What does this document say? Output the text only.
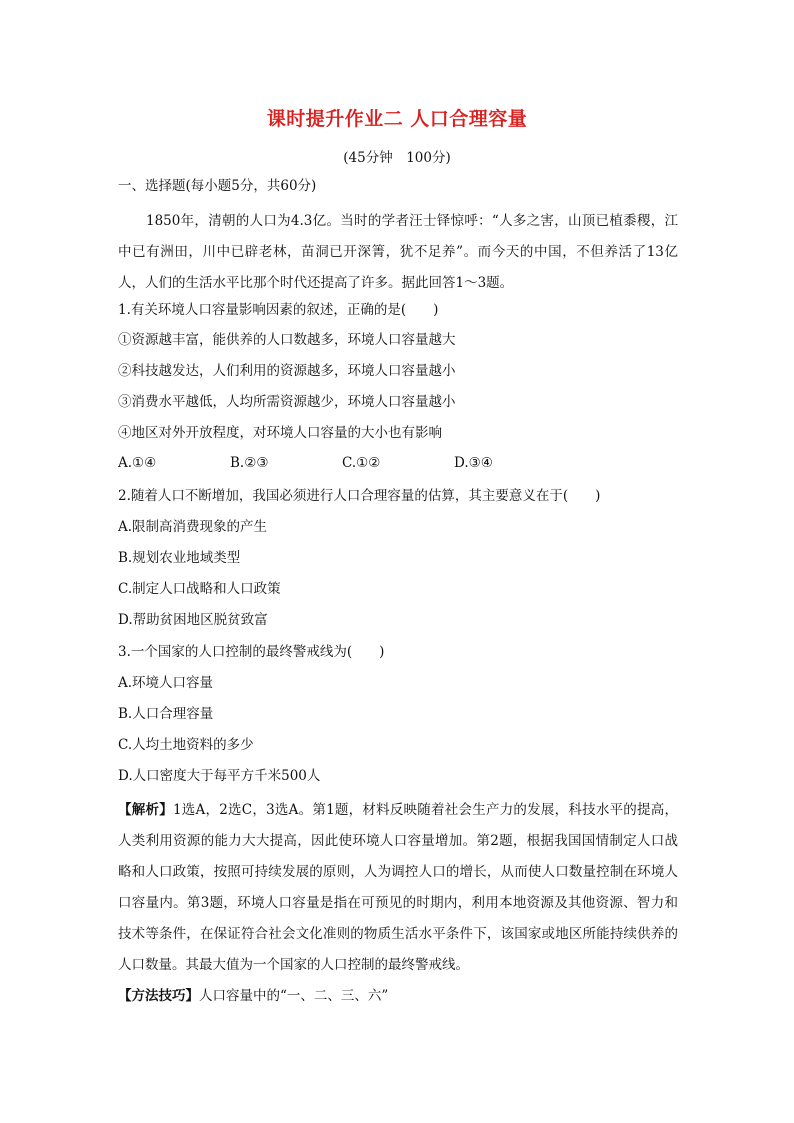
课时提升作业二 人口合理容量
(45分钟　100分)
一、选择题(每小题5分，共60分)
1850年，清朝的人口为4.3亿。当时的学者汪士铎惊呼：“人多之害，山顶已植黍稷，江中已有洲田，川中已辟老林，苗洞已开深箐，犹不足养”。而今天的中国，不但养活了13亿人，人们的生活水平比那个时代还提高了许多。据此回答1～3题。
1.有关环境人口容量影响因素的叙述，正确的是(　　)
①资源越丰富，能供养的人口数越多，环境人口容量越大
②科技越发达，人们利用的资源越多，环境人口容量越小
③消费水平越低，人均所需资源越少，环境人口容量越小
④地区对外开放程度，对环境人口容量的大小也有影响
A.①④	B.②③	C.①②	D.③④
2.随着人口不断增加，我国必须进行人口合理容量的估算，其主要意义在于(　　)
A.限制高消费现象的产生
B.规划农业地域类型
C.制定人口战略和人口政策
D.帮助贫困地区脱贫致富
3.一个国家的人口控制的最终警戒线为(　　)
A.环境人口容量
B.人口合理容量
C.人均土地资料的多少
D.人口密度大于每平方千米500人
【解析】1选A，2选C，3选A。第1题，材料反映随着社会生产力的发展，科技水平的提高，人类利用资源的能力大大提高，因此使环境人口容量增加。第2题，根据我国国情制定人口战略和人口政策，按照可持续发展的原则，人为调控人口的增长，从而使人口数量控制在环境人口容量内。第3题，环境人口容量是指在可预见的时期内，利用本地资源及其他资源、智力和技术等条件，在保证符合社会文化准则的物质生活水平条件下，该国家或地区所能持续供养的人口数量。其最大值为一个国家的人口控制的最终警戒线。
【方法技巧】人口容量中的“一、二、三、六”
